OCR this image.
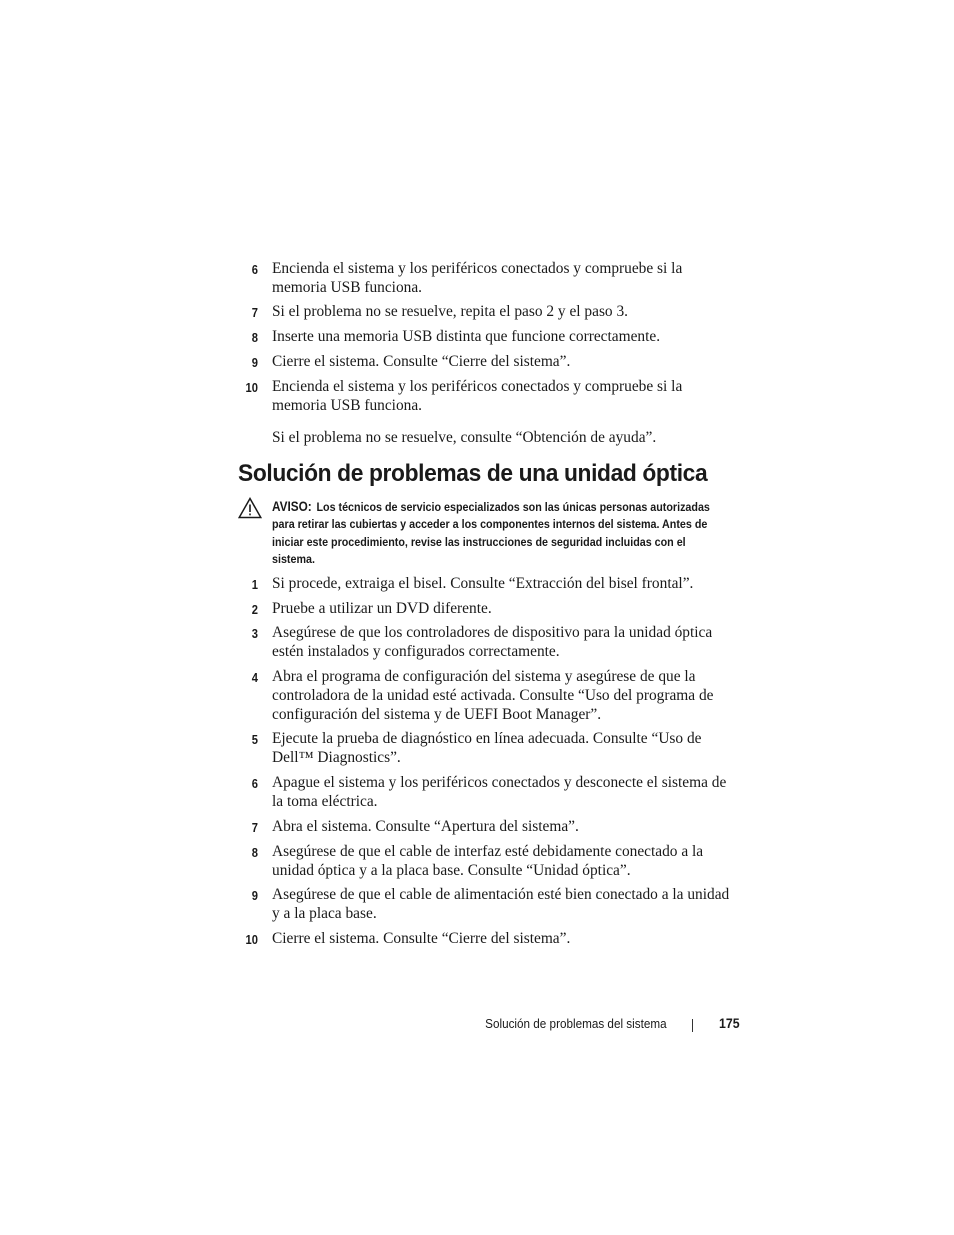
6 Encienda el sistema y los periféricos conectados y compruebe si la memoria USB funciona.
7 Si el problema no se resuelve, repita el paso 2 y el paso 3.
8 Inserte una memoria USB distinta que funcione correctamente.
9 Cierre el sistema. Consulte “Cierre del sistema”.
10 Encienda el sistema y los periféricos conectados y compruebe si la memoria USB funciona.
Si el problema no se resuelve, consulte “Obtención de ayuda”.
Solución de problemas de una unidad óptica
AVISO: Los técnicos de servicio especializados son las únicas personas autorizadas para retirar las cubiertas y acceder a los componentes internos del sistema. Antes de iniciar este procedimiento, revise las instrucciones de seguridad incluidas con el sistema.
1 Si procede, extraiga el bisel. Consulte “Extracción del bisel frontal”.
2 Pruebe a utilizar un DVD diferente.
3 Asegúrese de que los controladores de dispositivo para la unidad óptica estén instalados y configurados correctamente.
4 Abra el programa de configuración del sistema y asegúrese de que la controladora de la unidad esté activada. Consulte “Uso del programa de configuración del sistema y de UEFI Boot Manager”.
5 Ejecute la prueba de diagnóstico en línea adecuada. Consulte “Uso de Dell™ Diagnostics”.
6 Apague el sistema y los periféricos conectados y desconecte el sistema de la toma eléctrica.
7 Abra el sistema. Consulte “Apertura del sistema”.
8 Asegúrese de que el cable de interfaz esté debidamente conectado a la unidad óptica y a la placa base. Consulte “Unidad óptica”.
9 Asegúrese de que el cable de alimentación esté bien conectado a la unidad y a la placa base.
10 Cierre el sistema. Consulte “Cierre del sistema”.
Solución de problemas del sistema	175
